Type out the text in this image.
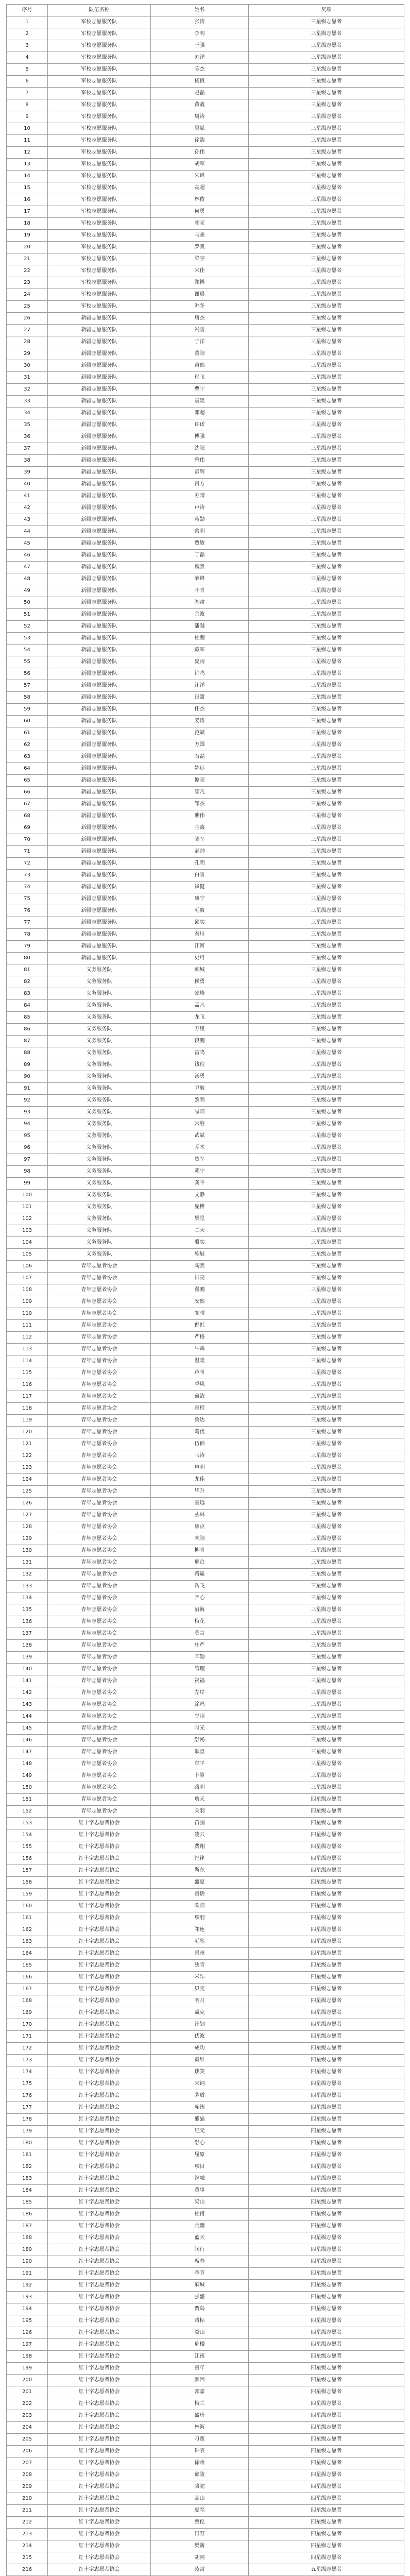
序号	队伍名称	姓名	奖项
1	军校志愿服务队	张涛	三星级志愿者
2	军校志愿服务队	李明	三星级志愿者
3	军校志愿服务队	王强	三星级志愿者
4	军校志愿服务队	刘洋	三星级志愿者
5	军校志愿服务队	陈杰	三星级志愿者
6	军校志愿服务队	杨帆	三星级志愿者
7	军校志愿服务队	赵磊	三星级志愿者
8	军校志愿服务队	黄鑫	三星级志愿者
9	军校志愿服务队	周涛	三星级志愿者
10	军校志愿服务队	吴斌	三星级志愿者
11	军校志愿服务队	徐浩	三星级志愿者
12	军校志愿服务队	孙伟	三星级志愿者
13	军校志愿服务队	胡军	三星级志愿者
14	军校志愿服务队	朱峰	三星级志愿者
15	军校志愿服务队	高超	三星级志愿者
16	军校志愿服务队	林俊	三星级志愿者
17	军校志愿服务队	何勇	三星级志愿者
18	军校志愿服务队	郭亮	三星级志愿者
19	军校志愿服务队	马骏	三星级志愿者
20	军校志愿服务队	罗凯	三星级志愿者
21	军校志愿服务队	梁宇	三星级志愿者
22	军校志愿服务队	宋佳	三星级志愿者
23	军校志愿服务队	郑博	三星级志愿者
24	军校志愿服务队	谢晨	三星级志愿者
25	军校志愿服务队	韩冬	三星级志愿者
26	新疆志愿服务队	唐杰	三星级志愿者
27	新疆志愿服务队	冯雪	三星级志愿者
28	新疆志愿服务队	于洋	三星级志愿者
29	新疆志愿服务队	董阳	三星级志愿者
30	新疆志愿服务队	萧然	三星级志愿者
31	新疆志愿服务队	程飞	三星级志愿者
32	新疆志愿服务队	曹宁	三星级志愿者
33	新疆志愿服务队	袁媛	三星级志愿者
34	新疆志愿服务队	邓超	三星级志愿者
35	新疆志愿服务队	许诺	三星级志愿者
36	新疆志愿服务队	傅强	三星级志愿者
37	新疆志愿服务队	沈阳	三星级志愿者
38	新疆志愿服务队	曾伟	三星级志愿者
39	新疆志愿服务队	彭辉	三星级志愿者
40	新疆志愿服务队	吕方	三星级志愿者
41	新疆志愿服务队	苏晴	三星级志愿者
42	新疆志愿服务队	卢涛	三星级志愿者
43	新疆志愿服务队	蒋勤	三星级志愿者
44	新疆志愿服务队	蔡明	三星级志愿者
45	新疆志愿服务队	贾敏	三星级志愿者
46	新疆志愿服务队	丁磊	三星级志愿者
47	新疆志愿服务队	魏然	三星级志愿者
48	新疆志愿服务队	薛峰	三星级志愿者
49	新疆志愿服务队	叶青	三星级志愿者
50	新疆志愿服务队	阎肃	三星级志愿者
51	新疆志愿服务队	余波	三星级志愿者
52	新疆志愿服务队	潘越	三星级志愿者
53	新疆志愿服务队	杜鹏	三星级志愿者
54	新疆志愿服务队	戴军	三星级志愿者
55	新疆志愿服务队	夏雨	三星级志愿者
56	新疆志愿服务队	钟鸣	三星级志愿者
57	新疆志愿服务队	汪洋	三星级志愿者
58	新疆志愿服务队	田甜	三星级志愿者
59	新疆志愿服务队	任杰	三星级志愿者
60	新疆志愿服务队	姜涛	三星级志愿者
61	新疆志愿服务队	范斌	三星级志愿者
62	新疆志愿服务队	方圆	三星级志愿者
63	新疆志愿服务队	石磊	三星级志愿者
64	新疆志愿服务队	姚远	三星级志愿者
65	新疆志愿服务队	谭亮	三星级志愿者
66	新疆志愿服务队	廖凡	三星级志愿者
67	新疆志愿服务队	邹杰	三星级志愿者
68	新疆志愿服务队	熊伟	三星级志愿者
69	新疆志愿服务队	金鑫	三星级志愿者
70	新疆志愿服务队	陆军	三星级志愿者
71	新疆志愿服务队	郝帅	三星级志愿者
72	新疆志愿服务队	孔明	三星级志愿者
73	新疆志愿服务队	白雪	三星级志愿者
74	新疆志愿服务队	崔健	三星级志愿者
75	新疆志愿服务队	康宁	三星级志愿者
76	新疆志愿服务队	毛毅	三星级志愿者
77	新疆志愿服务队	邱实	三星级志愿者
78	新疆志愿服务队	秦川	三星级志愿者
79	新疆志愿服务队	江河	三星级志愿者
80	新疆志愿服务队	史可	三星级志愿者
81	义务服务队	顾城	三星级志愿者
82	义务服务队	侯勇	三星级志愿者
83	义务服务队	邵峰	三星级志愿者
84	义务服务队	孟凡	三星级志愿者
85	义务服务队	龙飞	三星级志愿者
86	义务服务队	万里	三星级志愿者
87	义务服务队	段鹏	三星级志愿者
88	义务服务队	雷鸣	三星级志愿者
89	义务服务队	钱程	三星级志愿者
90	义务服务队	汤勇	三星级志愿者
91	义务服务队	尹航	三星级志愿者
92	义务服务队	黎明	三星级志愿者
93	义务服务队	易阳	三星级志愿者
94	义务服务队	常胜	三星级志愿者
95	义务服务队	武斌	三星级志愿者
96	义务服务队	乔木	三星级志愿者
97	义务服务队	贺军	三星级志愿者
98	义务服务队	赖宁	三星级志愿者
99	义务服务队	龚平	三星级志愿者
100	义务服务队	文静	三星级志愿者
101	义务服务队	庞博	三星级志愿者
102	义务服务队	樊星	三星级志愿者
103	义务服务队	兰天	三星级志愿者
104	义务服务队	殷实	三星级志愿者
105	义务服务队	施展	三星级志愿者
106	青年志愿者协会	陶然	三星级志愿者
107	青年志愿者协会	洪亮	三星级志愿者
108	青年志愿者协会	翟鹏	三星级志愿者
109	青年志愿者协会	安然	三星级志愿者
110	青年志愿者协会	颜晴	三星级志愿者
111	青年志愿者协会	倪虹	三星级志愿者
112	青年志愿者协会	严格	三星级志愿者
113	青年志愿者协会	牛犇	三星级志愿者
114	青年志愿者协会	温暖	三星级志愿者
115	青年志愿者协会	芦苇	三星级志愿者
116	青年志愿者协会	季风	三星级志愿者
117	青年志愿者协会	俞洁	三星级志愿者
118	青年志愿者协会	章程	三星级志愿者
119	青年志愿者协会	鲁达	三星级志愿者
120	青年志愿者协会	葛优	三星级志愿者
121	青年志愿者协会	伍佰	三星级志愿者
122	青年志愿者协会	韦涛	三星级志愿者
123	青年志愿者协会	申明	三星级志愿者
124	青年志愿者协会	尤佳	三星级志愿者
125	青年志愿者协会	毕升	三星级志愿者
126	青年志愿者协会	聂远	三星级志愿者
127	青年志愿者协会	丛林	三星级志愿者
128	青年志愿者协会	焦点	三星级志愿者
129	青年志愿者协会	向阳	三星级志愿者
130	青年志愿者协会	柳青	三星级志愿者
131	青年志愿者协会	邢台	三星级志愿者
132	青年志愿者协会	路遥	三星级志愿者
133	青年志愿者协会	岳飞	三星级志愿者
134	青年志愿者协会	齐心	三星级志愿者
135	青年志愿者协会	沿海	三星级志愿者
136	青年志愿者协会	梅花	三星级志愿者
137	青年志愿者协会	莫言	三星级志愿者
138	青年志愿者协会	庄严	三星级志愿者
139	青年志愿者协会	辛勤	三星级志愿者
140	青年志愿者协会	管理	三星级志愿者
141	青年志愿者协会	祝福	三星级志愿者
142	青年志愿者协会	左岸	三星级志愿者
143	青年志愿者协会	涂鸦	三星级志愿者
144	青年志愿者协会	谷雨	三星级志愿者
145	青年志愿者协会	时光	三星级志愿者
146	青年志愿者协会	舒畅	三星级志愿者
147	青年志愿者协会	耿直	三星级志愿者
148	青年志愿者协会	牟平	三星级志愿者
149	青年志愿者协会	卜算	三星级志愿者
150	青年志愿者协会	路明	三星级志愿者
151	青年志愿者协会	詹天	四星级志愿者
152	青年志愿者协会	关羽	四星级志愿者
153	红十字志愿者协会	苗圃	四星级志愿者
154	红十字志愿者协会	凌云	四星级志愿者
155	红十字志愿者协会	费翔	四星级志愿者
156	红十字志愿者协会	纪律	四星级志愿者
157	红十字志愿者协会	靳东	四星级志愿者
158	红十字志愿者协会	盛夏	四星级志愿者
159	红十字志愿者协会	童话	四星级志愿者
160	红十字志愿者协会	欧阳	四星级志愿者
161	红十字志愿者协会	项羽	四星级志愿者
162	红十字志愿者协会	祁连	四星级志愿者
163	红十字志愿者协会	毛笔	四星级志愿者
164	红十字志愿者协会	禹州	四星级志愿者
165	红十字志愿者协会	狄青	四星级志愿者
166	红十字志愿者协会	米乐	四星级志愿者
167	红十字志愿者协会	贝壳	四星级志愿者
168	红十字志愿者协会	明月	四星级志愿者
169	红十字志愿者协会	臧克	四星级志愿者
170	红十字志愿者协会	计划	四星级志愿者
171	红十字志愿者协会	伏波	四星级志愿者
172	红十字志愿者协会	成功	四星级志愿者
173	红十字志愿者协会	戴维	四星级志愿者
174	红十字志愿者协会	谈笑	四星级志愿者
175	红十字志愿者协会	宋词	四星级志愿者
176	红十字志愿者协会	茅盾	四星级志愿者
177	红十字志愿者协会	庞统	四星级志愿者
178	红十字志愿者协会	熊猫	四星级志愿者
179	红十字志愿者协会	纪元	四星级志愿者
180	红十字志愿者协会	舒心	四星级志愿者
181	红十字志愿者协会	屈原	四星级志愿者
182	红十字志愿者协会	项目	四星级志愿者
183	红十字志愿者协会	祝融	四星级志愿者
184	红十字志愿者协会	董事	四星级志愿者
185	红十字志愿者协会	梁山	四星级志愿者
186	红十字志愿者协会	杜甫	四星级志愿者
187	红十字志愿者协会	阮籍	四星级志愿者
188	红十字志愿者协会	蓝天	四星级志愿者
189	红十字志愿者协会	闵行	四星级志愿者
190	红十字志愿者协会	席卷	四星级志愿者
191	红十字志愿者协会	季节	四星级志愿者
192	红十字志愿者协会	麻城	四星级志愿者
193	红十字志愿者协会	强盛	四星级志愿者
194	红十字志愿者协会	贾岛	四星级志愿者
195	红十字志愿者协会	路标	四星级志愿者
196	红十字志愿者协会	娄山	四星级志愿者
197	红十字志愿者协会	危楼	四星级志愿者
198	红十字志愿者协会	江南	四星级志愿者
199	红十字志愿者协会	童年	四星级志愿者
200	红十字志愿者协会	颜回	四星级志愿者
201	红十字志愿者协会	郭嘉	四星级志愿者
202	红十字志愿者协会	梅兰	四星级志愿者
203	红十字志愿者协会	盛唐	四星级志愿者
204	红十字志愿者协会	林海	四星级志愿者
205	红十字志愿者协会	刁蛮	四星级志愿者
206	红十字志愿者协会	钟表	四星级志愿者
207	红十字志愿者协会	徐州	四星级志愿者
208	红十字志愿者协会	邱陵	四星级志愿者
209	红十字志愿者协会	骆驼	四星级志愿者
210	红十字志愿者协会	高山	四星级志愿者
211	红十字志愿者协会	夏至	四星级志愿者
212	红十字志愿者协会	蔡伦	四星级志愿者
213	红十字志愿者协会	田野	四星级志愿者
214	红十字志愿者协会	樊篱	四星级志愿者
215	红十字志愿者协会	胡同	四星级志愿者
216	红十字志愿者协会	凌霄	五星级志愿者
